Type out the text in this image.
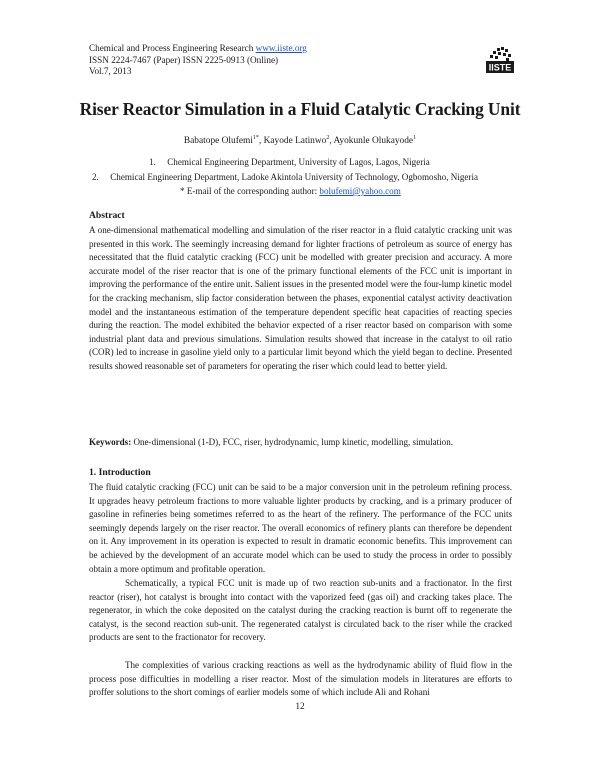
Chemical and Process Engineering Research www.iiste.org
ISSN 2224-7467 (Paper) ISSN 2225-0913 (Online)
Vol.7, 2013	IISTE
Riser Reactor Simulation in a Fluid Catalytic Cracking Unit
Babatope Olufemi$^{1*}$, Kayode Latinwo$^2$, Ayokunle Olukayode$^1$
1. Chemical Engineering Department, University of Lagos, Lagos, Nigeria
2. Chemical Engineering Department, Ladoke Akintola University of Technology, Ogbomosho, Nigeria
* E-mail of the corresponding author: bolufemi@yahoo.com
Abstract

A one-dimensional mathematical modelling and simulation of the riser reactor in a fluid catalytic cracking unit was presented in this work. The seemingly increasing demand for lighter fractions of petroleum as source of energy has necessitated that the fluid catalytic cracking (FCC) unit be modelled with greater precision and accuracy. A more accurate model of the riser reactor that is one of the primary functional elements of the FCC unit is important in improving the performance of the entire unit. Salient issues in the presented model were the four-lump kinetic model for the cracking mechanism, slip factor consideration between the phases, exponential catalyst activity deactivation model and the instantaneous estimation of the temperature dependent specific heat capacities of reacting species during the reaction. The model exhibited the behavior expected of a riser reactor based on comparison with some industrial plant data and previous simulations. Simulation results showed that increase in the catalyst to oil ratio (COR) led to increase in gasoline yield only to a particular limit beyond which the yield began to decline. Presented results showed reasonable set of parameters for operating the riser which could lead to better yield.

Keywords: One-dimensional (1-D), FCC, riser, hydrodynamic, lump kinetic, modelling, simulation.
1. Introduction

The fluid catalytic cracking (FCC) unit can be said to be a major conversion unit in the petroleum refining process. It upgrades heavy petroleum fractions to more valuable lighter products by cracking, and is a primary producer of gasoline in refineries being sometimes referred to as the heart of the refinery. The performance of the FCC units seemingly depends largely on the riser reactor. The overall economics of refinery plants can therefore be dependent on it. Any improvement in its operation is expected to result in dramatic economic benefits. This improvement can be achieved by the development of an accurate model which can be used to study the process in order to possibly obtain a more optimum and profitable operation.

Schematically, a typical FCC unit is made up of two reaction sub-units and a fractionator. In the first reactor (riser), hot catalyst is brought into contact with the vaporized feed (gas oil) and cracking takes place. The regenerator, in which the coke deposited on the catalyst during the cracking reaction is burnt off to regenerate the catalyst, is the second reaction sub-unit. The regenerated catalyst is circulated back to the riser while the cracked products are sent to the fractionator for recovery.

The complexities of various cracking reactions as well as the hydrodynamic ability of fluid flow in the process pose difficulties in modelling a riser reactor. Most of the simulation models in literatures are efforts to proffer solutions to the short comings of earlier models some of which include Ali and Rohani

12
